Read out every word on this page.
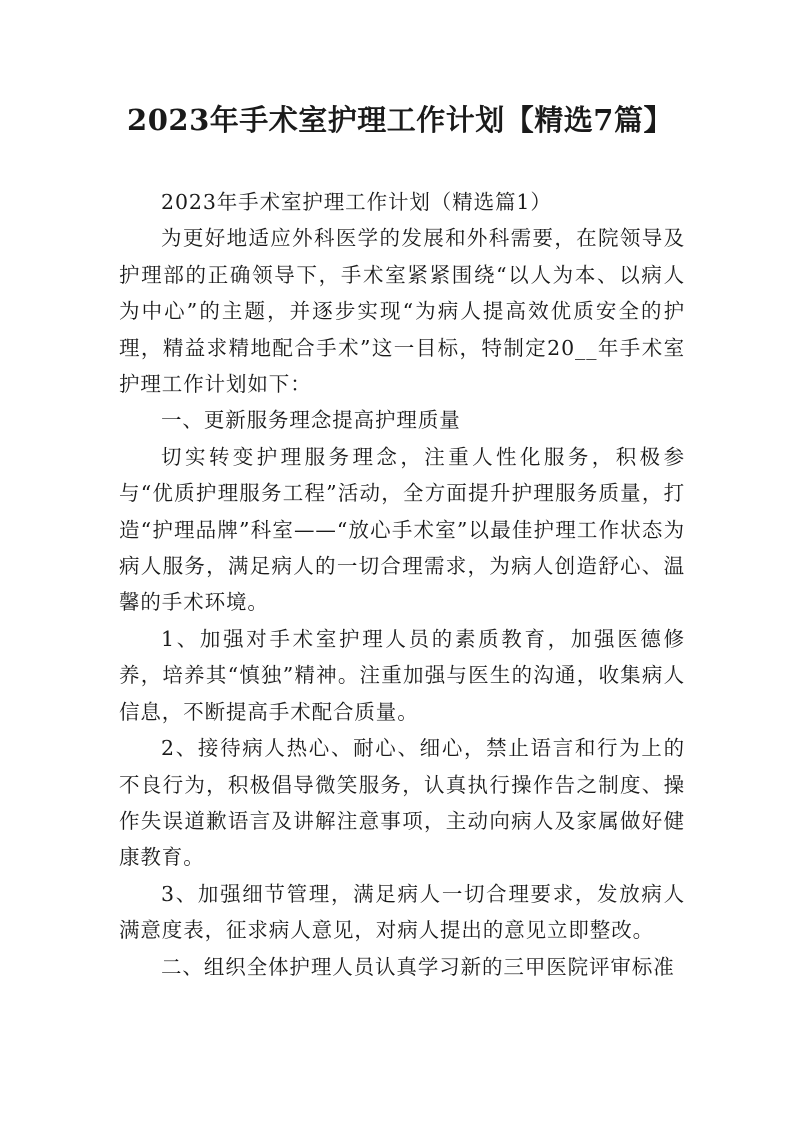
2023年手术室护理工作计划【精选7篇】

2023年手术室护理工作计划（精选篇1）

为更好地适应外科医学的发展和外科需要，在院领导及护理部的正确领导下，手术室紧紧围绕“以人为本、以病人为中心”的主题，并逐步实现“为病人提高效优质安全的护理，精益求精地配合手术”这一目标，特制定20__年手术室护理工作计划如下：

一、更新服务理念提高护理质量

切实转变护理服务理念，注重人性化服务，积极参与“优质护理服务工程”活动，全方面提升护理服务质量，打造“护理品牌”科室——“放心手术室”以最佳护理工作状态为病人服务，满足病人的一切合理需求，为病人创造舒心、温馨的手术环境。

1、加强对手术室护理人员的素质教育，加强医德修养，培养其“慎独”精神。注重加强与医生的沟通，收集病人信息，不断提高手术配合质量。

2、接待病人热心、耐心、细心，禁止语言和行为上的不良行为，积极倡导微笑服务，认真执行操作告之制度、操作失误道歉语言及讲解注意事项，主动向病人及家属做好健康教育。

3、加强细节管理，满足病人一切合理要求，发放病人满意度表，征求病人意见，对病人提出的意见立即整改。

二、组织全体护理人员认真学习新的三甲医院评审标准
